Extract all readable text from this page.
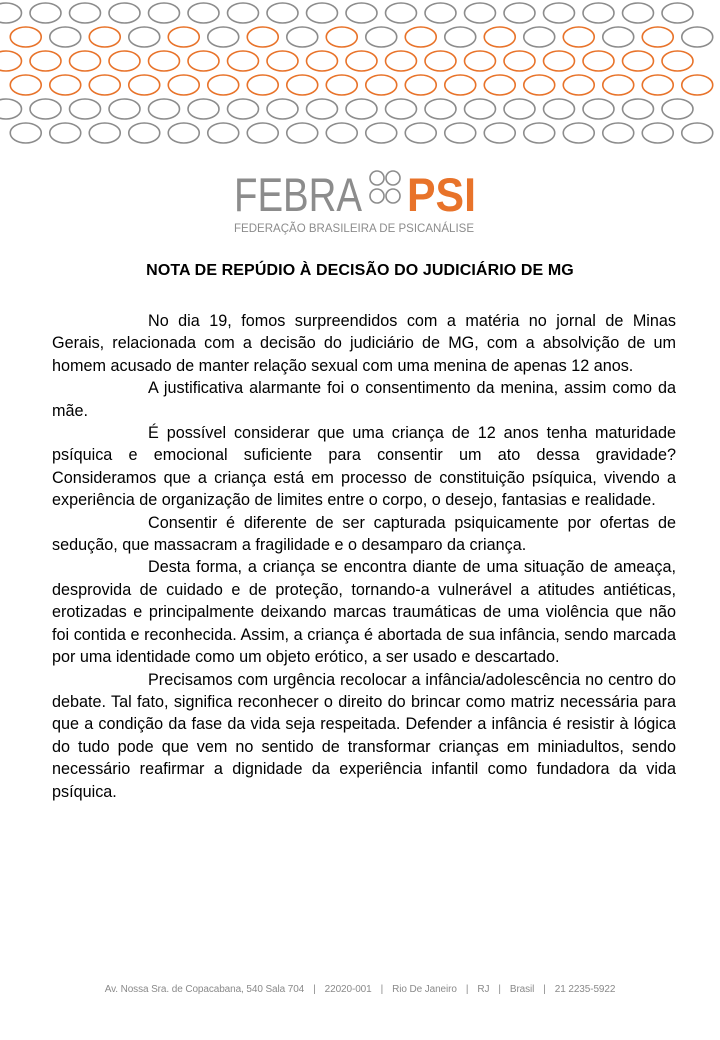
FEBRA PSI
FEDERAÇÃO BRASILEIRA DE PSICANÁLISE
NOTA DE REPÚDIO À DECISÃO DO JUDICIÁRIO DE MG

No dia 19, fomos surpreendidos com a matéria no jornal de Minas Gerais, relacionada com a decisão do judiciário de MG, com a absolvição de um homem acusado de manter relação sexual com uma menina de apenas 12 anos.

A justificativa alarmante foi o consentimento da menina, assim como da mãe.

É possível considerar que uma criança de 12 anos tenha maturidade psíquica e emocional suficiente para consentir um ato dessa gravidade? Consideramos que a criança está em processo de constituição psíquica, vivendo a experiência de organização de limites entre o corpo, o desejo, fantasias e realidade.

Consentir é diferente de ser capturada psiquicamente por ofertas de sedução, que massacram a fragilidade e o desamparo da criança.

Desta forma, a criança se encontra diante de uma situação de ameaça, desprovida de cuidado e de proteção, tornando-a vulnerável a atitudes antiéticas, erotizadas e principalmente deixando marcas traumáticas de uma violência que não foi contida e reconhecida. Assim, a criança é abortada de sua infância, sendo marcada por uma identidade como um objeto erótico, a ser usado e descartado.

Precisamos com urgência recolocar a infância/adolescência no centro do debate. Tal fato, significa reconhecer o direito do brincar como matriz necessária para que a condição da fase da vida seja respeitada. Defender a infância é resistir à lógica do tudo pode que vem no sentido de transformar crianças em miniadultos, sendo necessário reafirmar a dignidade da experiência infantil como fundadora da vida psíquica.

Av. Nossa Sra. de Copacabana, 540 Sala 704 | 22020-001 | Rio De Janeiro | RJ | Brasil | 21 2235-5922
